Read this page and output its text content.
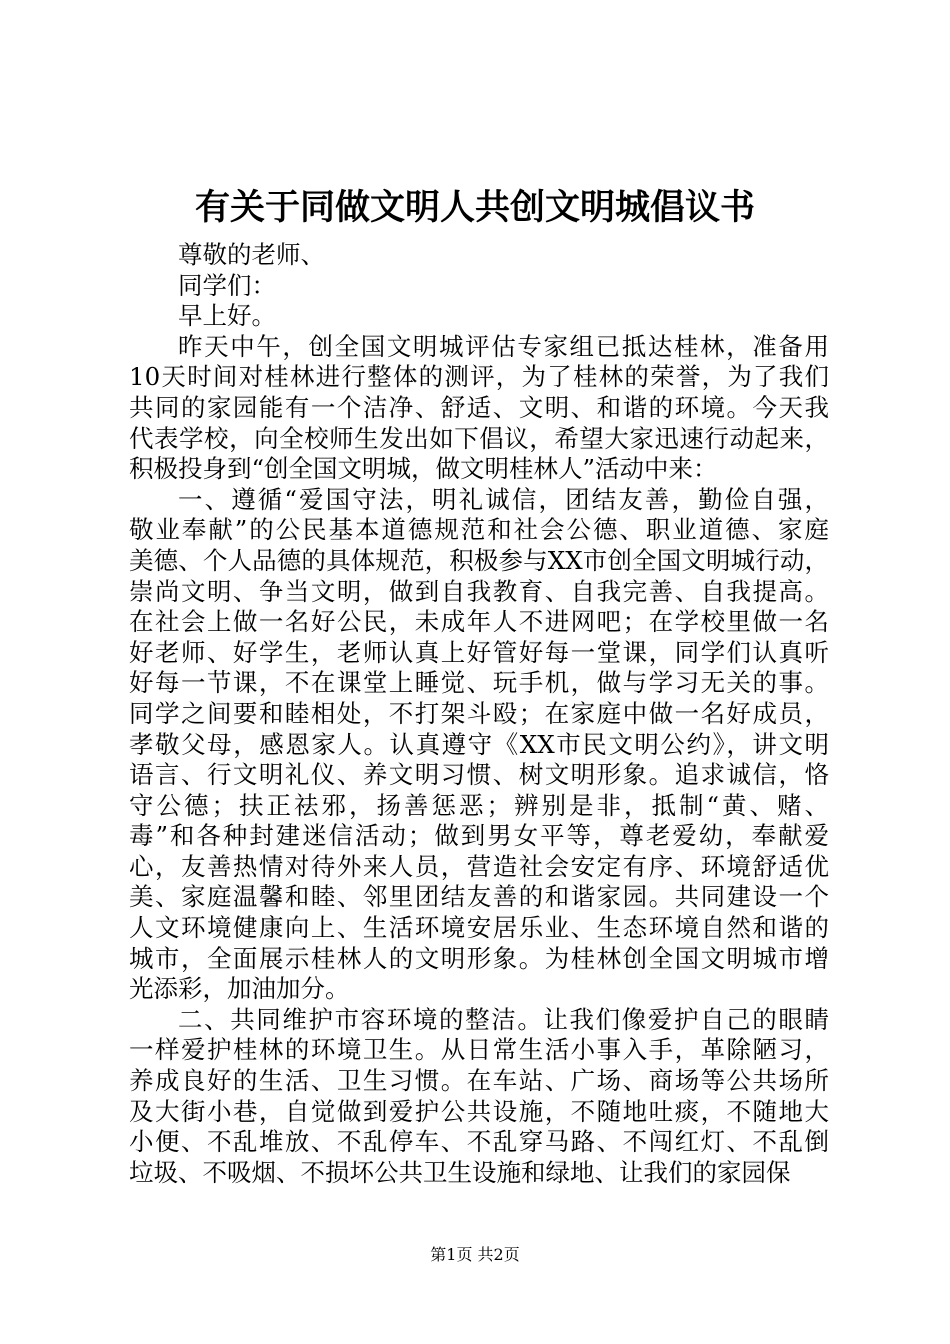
有关于同做文明人共创文明城倡议书
尊敬的老师、
同学们：
早上好。
昨天中午，创全国文明城评估专家组已抵达桂林，准备用
10天时间对桂林进行整体的测评，为了桂林的荣誉，为了我们
共同的家园能有一个洁净、舒适、文明、和谐的环境。今天我
代表学校，向全校师生发出如下倡议，希望大家迅速行动起来，
积极投身到“创全国文明城，做文明桂林人”活动中来：
一、遵循“爱国守法，明礼诚信，团结友善，勤俭自强，
敬业奉献”的公民基本道德规范和社会公德、职业道德、家庭
美德、个人品德的具体规范，积极参与XX市创全国文明城行动，
崇尚文明、争当文明，做到自我教育、自我完善、自我提高。
在社会上做一名好公民，未成年人不进网吧；在学校里做一名
好老师、好学生，老师认真上好管好每一堂课，同学们认真听
好每一节课，不在课堂上睡觉、玩手机，做与学习无关的事。
同学之间要和睦相处，不打架斗殴；在家庭中做一名好成员，
孝敬父母，感恩家人。认真遵守《XX市民文明公约》，讲文明
语言、行文明礼仪、养文明习惯、树文明形象。追求诚信，恪
守公德；扶正祛邪，扬善惩恶；辨别是非，抵制“黄、赌、
毒”和各种封建迷信活动；做到男女平等，尊老爱幼，奉献爱
心，友善热情对待外来人员，营造社会安定有序、环境舒适优
美、家庭温馨和睦、邻里团结友善的和谐家园。共同建设一个
人文环境健康向上、生活环境安居乐业、生态环境自然和谐的
城市，全面展示桂林人的文明形象。为桂林创全国文明城市增
光添彩，加油加分。
二、共同维护市容环境的整洁。让我们像爱护自己的眼睛
一样爱护桂林的环境卫生。从日常生活小事入手，革除陋习，
养成良好的生活、卫生习惯。在车站、广场、商场等公共场所
及大街小巷，自觉做到爱护公共设施，不随地吐痰，不随地大
小便、不乱堆放、不乱停车、不乱穿马路、不闯红灯、不乱倒
垃圾、不吸烟、不损坏公共卫生设施和绿地、让我们的家园保
第1页 共2页
